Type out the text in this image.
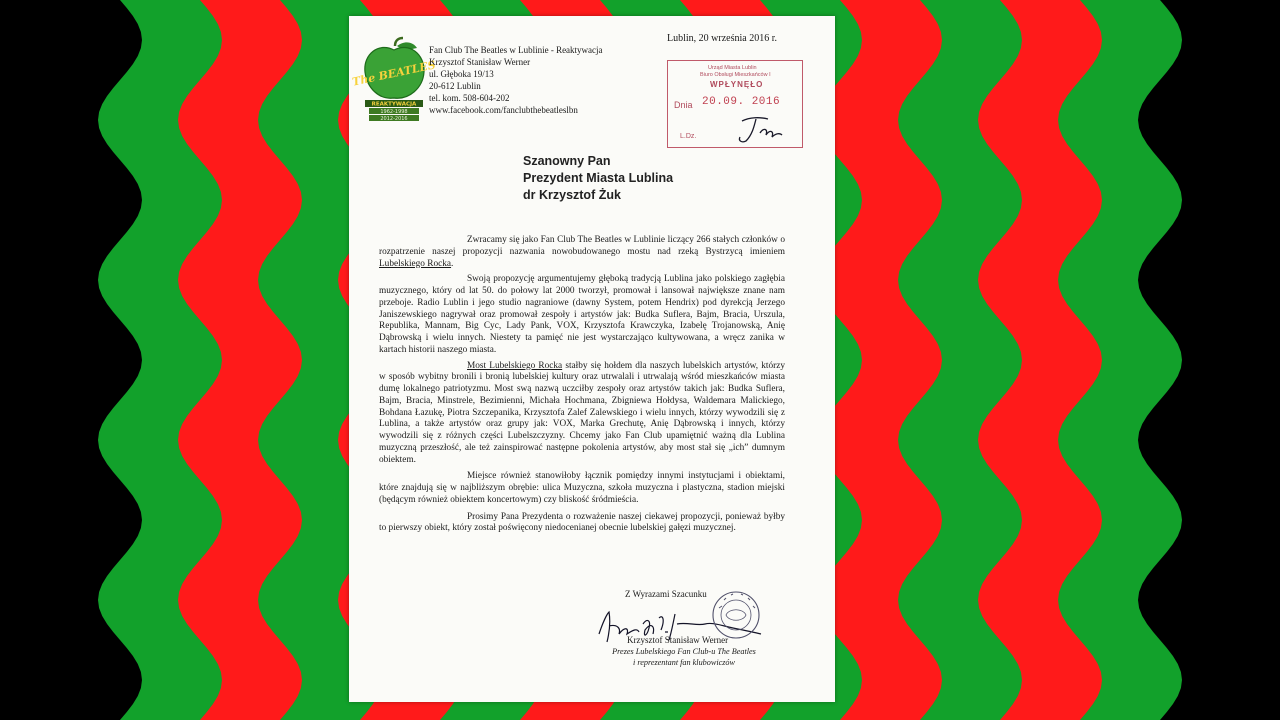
The BEATLES
REAKTYWACJA
1962-1998
2012-2016
Fan Club The Beatles w Lublinie - Reaktywacja
Krzysztof Stanisław Werner
ul. Głęboka 19/13
20-612 Lublin
tel. kom. 508-604-202
www.facebook.com/fanclubthebeatleslbn
Lublin, 20 września 2016 r.
Urząd Miasta Lublin
Biuro Obsługi Mieszkańców I
WPŁYNĘŁO
Dnia 20.09. 2016
L.Dz.
Szanowny Pan
Prezydent Miasta Lublina
dr Krzysztof Żuk

Zwracamy się jako Fan Club The Beatles w Lublinie liczący 266 stałych członków o rozpatrzenie naszej propozycji nazwania nowobudowanego mostu nad rzeką Bystrzycą imieniem Lubelskiego Rocka.

Swoją propozycję argumentujemy głęboką tradycją Lublina jako polskiego zagłębia muzycznego, który od lat 50. do połowy lat 2000 tworzył, promował i lansował największe znane nam przeboje. Radio Lublin i jego studio nagraniowe (dawny System, potem Hendrix) pod dyrekcją Jerzego Janiszewskiego nagrywał oraz promował zespoły i artystów jak: Budka Suflera, Bajm, Bracia, Urszula, Republika, Mannam, Big Cyc, Lady Pank, VOX, Krzysztofa Krawczyka, Izabelę Trojanowską, Anię Dąbrowską i wielu innych. Niestety ta pamięć nie jest wystarczająco kultywowana, a wręcz zanika w kartach historii naszego miasta.

Most Lubelskiego Rocka stałby się hołdem dla naszych lubelskich artystów, którzy w sposób wybitny bronili i bronią lubelskiej kultury oraz utrwalali i utrwalają wśród mieszkańców miasta dumę lokalnego patriotyzmu. Most swą nazwą uczciłby zespoły oraz artystów takich jak: Budka Suflera, Bajm, Bracia, Minstrele, Bezimienni, Michała Hochmana, Zbigniewa Hołdysa, Waldemara Malickiego, Bohdana Łazukę, Piotra Szczepanika, Krzysztofa Zalef Zalewskiego i wielu innych, którzy wywodzili się z Lublina, a także artystów oraz grupy jak: VOX, Marka Grechutę, Anię Dąbrowską i innych, którzy wywodzili się z różnych części Lubelszczyzny. Chcemy jako Fan Club upamiętnić ważną dla Lublina muzyczną przeszłość, ale też zainspirować następne pokolenia artystów, aby most stał się „ich” dumnym obiektem.

Miejsce również stanowiłoby łącznik pomiędzy innymi instytucjami i obiektami, które znajdują się w najbliższym obrębie: ulica Muzyczna, szkoła muzyczna i plastyczna, stadion miejski (będącym również obiektem koncertowym) czy bliskość śródmieścia.

Prosimy Pana Prezydenta o rozważenie naszej ciekawej propozycji, ponieważ byłby to pierwszy obiekt, który został poświęcony niedocenianej obecnie lubelskiej gałęzi muzycznej.

Z Wyrazami Szacunku
Krzysztof Stanisław Werner
Prezes Lubelskiego Fan Club-u The Beatles
i reprezentant fan klubowiczów
